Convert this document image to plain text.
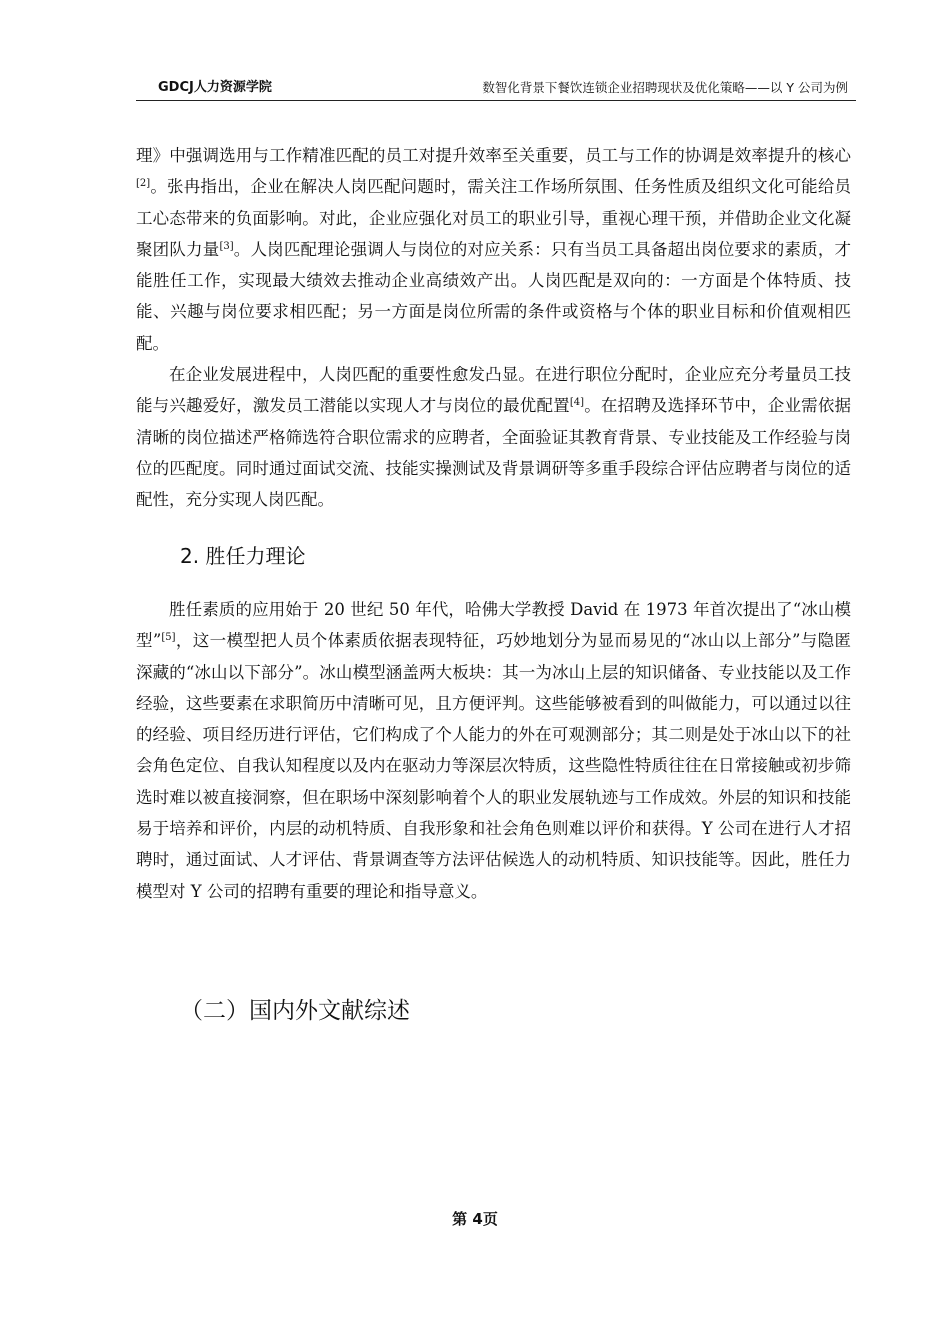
GDCJ人力资源学院	数智化背景下餐饮连锁企业招聘现状及优化策略——以 Y 公司为例

理》中强调选用与工作精准匹配的员工对提升效率至关重要，员工与工作的协调是效率提升的核心[2]。张冉指出，企业在解决人岗匹配问题时，需关注工作场所氛围、任务性质及组织文化可能给员工心态带来的负面影响。对此，企业应强化对员工的职业引导，重视心理干预，并借助企业文化凝聚团队力量[3]。人岗匹配理论强调人与岗位的对应关系：只有当员工具备超出岗位要求的素质，才能胜任工作，实现最大绩效去推动企业高绩效产出。人岗匹配是双向的：一方面是个体特质、技能、兴趣与岗位要求相匹配；另一方面是岗位所需的条件或资格与个体的职业目标和价值观相匹配。

在企业发展进程中，人岗匹配的重要性愈发凸显。在进行职位分配时，企业应充分考量员工技能与兴趣爱好，激发员工潜能以实现人才与岗位的最优配置[4]。在招聘及选择环节中，企业需依据清晰的岗位描述严格筛选符合职位需求的应聘者，全面验证其教育背景、专业技能及工作经验与岗位的匹配度。同时通过面试交流、技能实操测试及背景调研等多重手段综合评估应聘者与岗位的适配性，充分实现人岗匹配。

2. 胜任力理论

胜任素质的应用始于 20 世纪 50 年代，哈佛大学教授 David 在 1973 年首次提出了“冰山模型”[5]，这一模型把人员个体素质依据表现特征，巧妙地划分为显而易见的“冰山以上部分”与隐匿深藏的“冰山以下部分”。冰山模型涵盖两大板块：其一为冰山上层的知识储备、专业技能以及工作经验，这些要素在求职简历中清晰可见，且方便评判。这些能够被看到的叫做能力，可以通过以往的经验、项目经历进行评估，它们构成了个人能力的外在可观测部分；其二则是处于冰山以下的社会角色定位、自我认知程度以及内在驱动力等深层次特质，这些隐性特质往往在日常接触或初步筛选时难以被直接洞察，但在职场中深刻影响着个人的职业发展轨迹与工作成效。外层的知识和技能易于培养和评价，内层的动机特质、自我形象和社会角色则难以评价和获得。Y 公司在进行人才招聘时，通过面试、人才评估、背景调查等方法评估候选人的动机特质、知识技能等。因此，胜任力模型对 Y 公司的招聘有重要的理论和指导意义。

（二）国内外文献综述
第 4页
